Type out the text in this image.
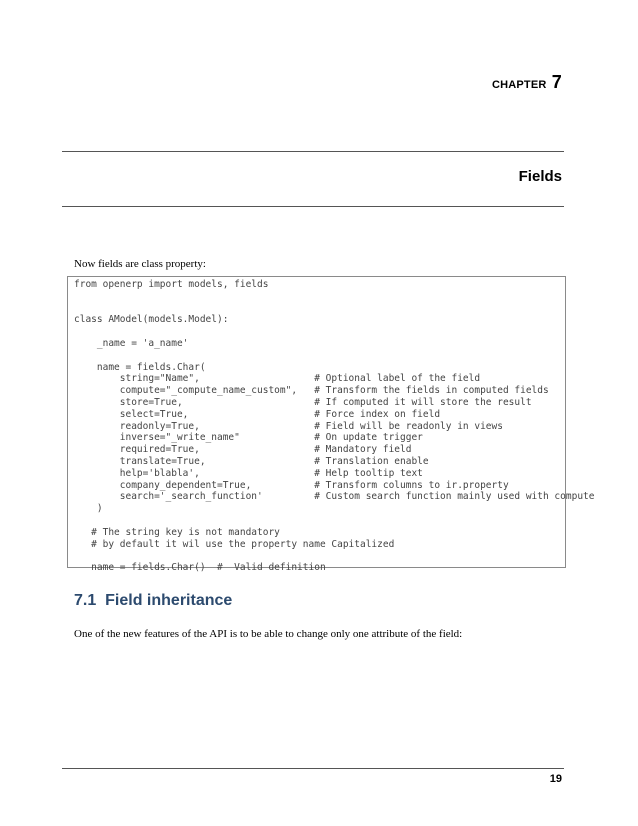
CHAPTER 7
Fields
Now fields are class property:
from openerp import models, fields

class AModel(models.Model):

_name = 'a_name'

name = fields.Char(
string="Name",                    # Optional label of the field
compute="_compute_name_custom",   # Transform the fields in computed fields
store=True,                       # If computed it will store the result
select=True,                      # Force index on field
readonly=True,                    # Field will be readonly in views
inverse="_write_name"             # On update trigger
required=True,                    # Mandatory field
translate=True,                   # Translation enable
help='blabla',                    # Help tooltip text
company_dependent=True,           # Transform columns to ir.property
search='_search_function'         # Custom search function mainly used with compute
)

# The string key is not mandatory
# by default it wil use the property name Capitalized

name = fields.Char()  #  Valid definition

7.1 Field inheritance
One of the new features of the API is to be able to change only one attribute of the field:
19
